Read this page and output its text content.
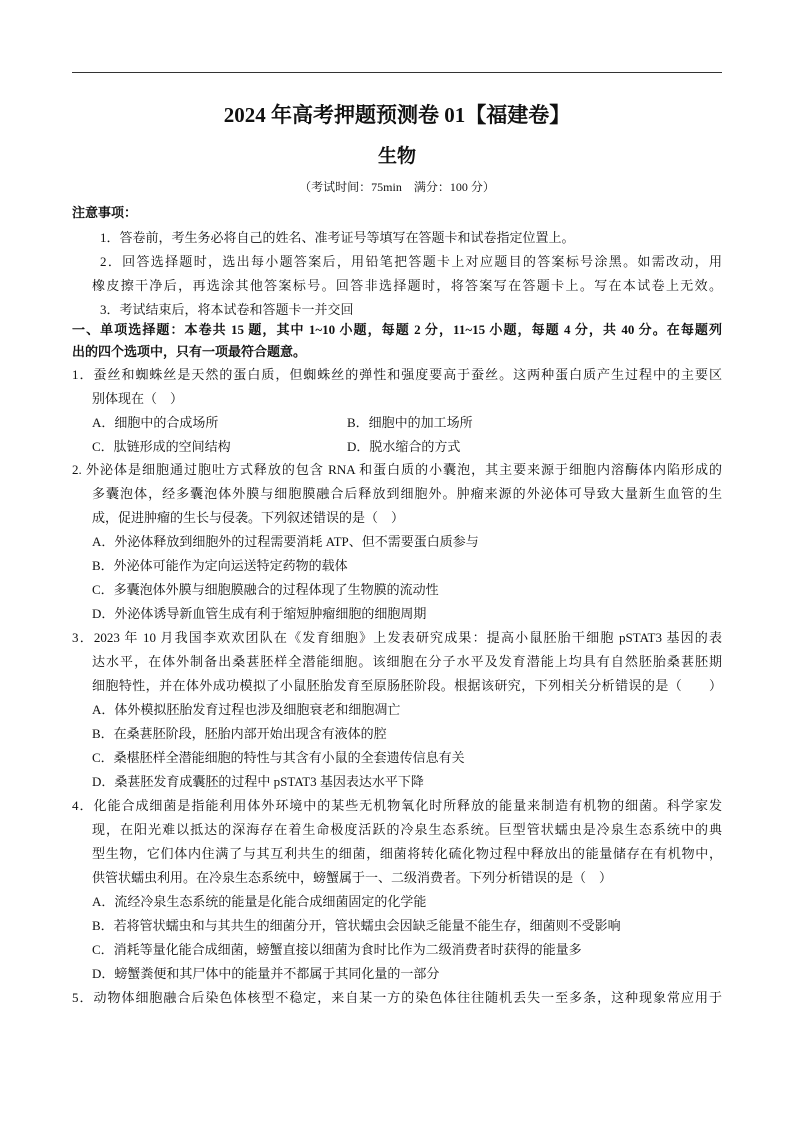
2024 年高考押题预测卷 01【福建卷】
生物
（考试时间：75min　满分：100 分）
注意事项：
1．答卷前，考生务必将自己的姓名、准考证号等填写在答题卡和试卷指定位置上。
2．回答选择题时，选出每小题答案后，用铅笔把答题卡上对应题目的答案标号涂黑。如需改动，用
橡皮擦干净后，再选涂其他答案标号。回答非选择题时，将答案写在答题卡上。写在本试卷上无效。
3．考试结束后，将本试卷和答题卡一并交回
一、单项选择题：本卷共 15 题，其中 1~10 小题，每题 2 分，11~15 小题，每题 4 分，共 40 分。在每题列
出的四个选项中，只有一项最符合题意。
1．蚕丝和蜘蛛丝是天然的蛋白质，但蜘蛛丝的弹性和强度要高于蚕丝。这两种蛋白质产生过程中的主要区
别体现在（　）
A．细胞中的合成场所	B．细胞中的加工场所
C．肽链形成的空间结构	D．脱水缩合的方式
2. 外泌体是细胞通过胞吐方式释放的包含 RNA 和蛋白质的小囊泡，其主要来源于细胞内溶酶体内陷形成的
多囊泡体，经多囊泡体外膜与细胞膜融合后释放到细胞外。肿瘤来源的外泌体可导致大量新生血管的生
成，促进肿瘤的生长与侵袭。下列叙述错误的是（　）
A．外泌体释放到细胞外的过程需要消耗 ATP、但不需要蛋白质参与
B．外泌体可能作为定向运送特定药物的载体
C．多囊泡体外膜与细胞膜融合的过程体现了生物膜的流动性
D．外泌体诱导新血管生成有利于缩短肿瘤细胞的细胞周期
3．2023 年 10 月我国李欢欢团队在《发育细胞》上发表研究成果：提高小鼠胚胎干细胞 pSTAT3 基因的表
达水平，在体外制备出桑葚胚样全潜能细胞。该细胞在分子水平及发育潜能上均具有自然胚胎桑葚胚期
细胞特性，并在体外成功模拟了小鼠胚胎发育至原肠胚阶段。根据该研究，下列相关分析错误的是（　　）
A．体外模拟胚胎发育过程也涉及细胞衰老和细胞凋亡
B．在桑葚胚阶段，胚胎内部开始出现含有液体的腔
C．桑椹胚样全潜能细胞的特性与其含有小鼠的全套遗传信息有关
D．桑葚胚发育成囊胚的过程中 pSTAT3 基因表达水平下降
4．化能合成细菌是指能利用体外环境中的某些无机物氧化时所释放的能量来制造有机物的细菌。科学家发
现，在阳光难以抵达的深海存在着生命极度活跃的冷泉生态系统。巨型管状蠕虫是冷泉生态系统中的典
型生物，它们体内住满了与其互利共生的细菌，细菌将转化硫化物过程中释放出的能量储存在有机物中，
供管状蠕虫利用。在冷泉生态系统中，螃蟹属于一、二级消费者。下列分析错误的是（　）
A．流经冷泉生态系统的能量是化能合成细菌固定的化学能
B．若将管状蠕虫和与其共生的细菌分开，管状蠕虫会因缺乏能量不能生存，细菌则不受影响
C．消耗等量化能合成细菌，螃蟹直接以细菌为食时比作为二级消费者时获得的能量多
D．螃蟹粪便和其尸体中的能量并不都属于其同化量的一部分
5．动物体细胞融合后染色体核型不稳定，来自某一方的染色体往往随机丢失一至多条，这种现象常应用于
